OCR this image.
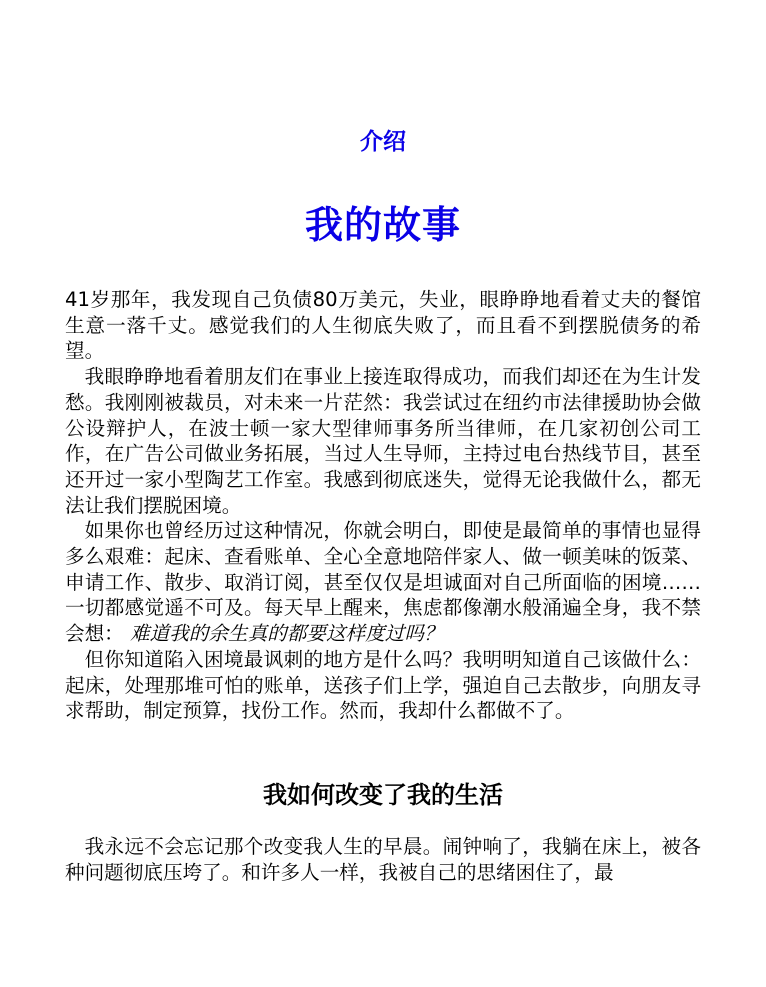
介绍
我的故事

41岁那年，我发现自己负债80万美元，失业，眼睁睁地看着丈夫的餐馆生意一落千丈。感觉我们的人生彻底失败了，而且看不到摆脱债务的希望。

我眼睁睁地看着朋友们在事业上接连取得成功，而我们却还在为生计发愁。我刚刚被裁员，对未来一片茫然：我尝试过在纽约市法律援助协会做公设辩护人，在波士顿一家大型律师事务所当律师，在几家初创公司工作，在广告公司做业务拓展，当过人生导师，主持过电台热线节目，甚至还开过一家小型陶艺工作室。我感到彻底迷失，觉得无论我做什么，都无法让我们摆脱困境。

如果你也曾经历过这种情况，你就会明白，即使是最简单的事情也显得多么艰难：起床、查看账单、全心全意地陪伴家人、做一顿美味的饭菜、申请工作、散步、取消订阅，甚至仅仅是坦诚面对自己所面临的困境……一切都感觉遥不可及。每天早上醒来，焦虑都像潮水般涌遍全身，我不禁会想： 难道我的余生真的都要这样度过吗？

但你知道陷入困境最讽刺的地方是什么吗？我明明知道自己该做什么：起床，处理那堆可怕的账单，送孩子们上学，强迫自己去散步，向朋友寻求帮助，制定预算，找份工作。然而，我却什么都做不了。

我如何改变了我的生活

我永远不会忘记那个改变我人生的早晨。闹钟响了，我躺在床上，被各种问题彻底压垮了。和许多人一样，我被自己的思绪困住了，最
